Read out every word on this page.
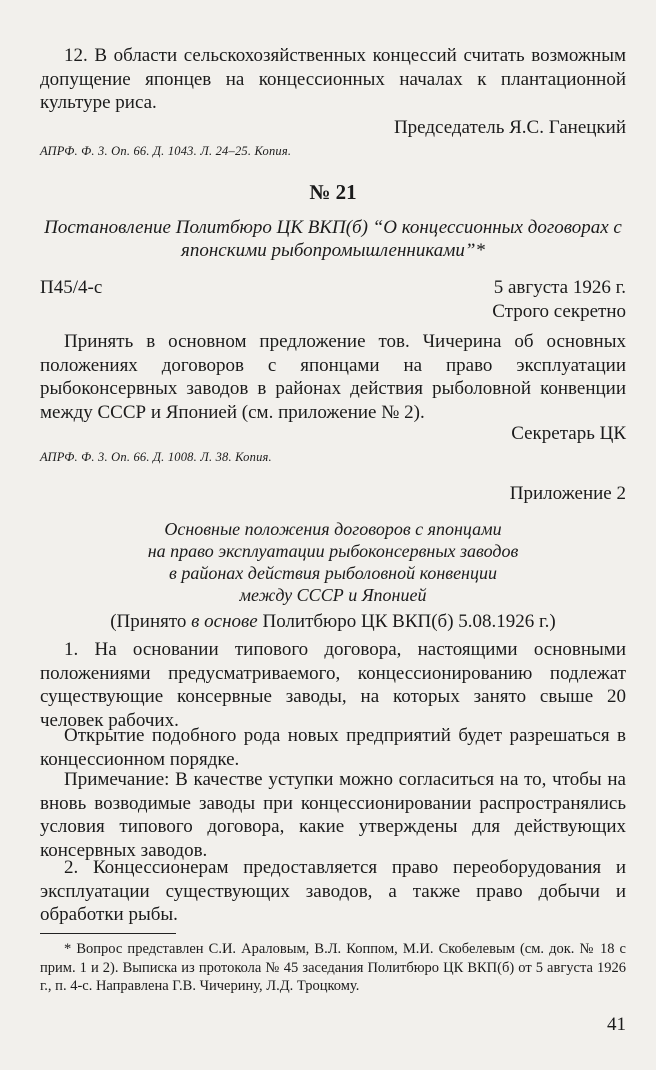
12. В области сельскохозяйственных концессий считать возможным допущение японцев на концессионных началах к плантационной культуре риса.

Председатель Я.С. Ганецкий

АПРФ. Ф. 3. Оп. 66. Д. 1043. Л. 24–25. Копия.

№ 21

Постановление Политбюро ЦК ВКП(б) “О концессионных договорах с японскими рыбопромышленниками”*

П45/4-с	5 августа 1926 г.

Строго секретно

Принять в основном предложение тов. Чичерина об основных положениях договоров с японцами на право эксплуатации рыбоконсервных заводов в районах действия рыболовной конвенции между СССР и Японией (см. приложение № 2).

Секретарь ЦК

АПРФ. Ф. 3. Оп. 66. Д. 1008. Л. 38. Копия.

Приложение 2

Основные положения договоров с японцами

на право эксплуатации рыбоконсервных заводов

в районах действия рыболовной конвенции

между СССР и Японией

(Принято в основе Политбюро ЦК ВКП(б) 5.08.1926 г.)

1. На основании типового договора, настоящими основными положениями предусматриваемого, концессионированию подлежат существующие консервные заводы, на которых занято свыше 20 человек рабочих.

Открытие подобного рода новых предприятий будет разрешаться в концессионном порядке.

Примечание: В качестве уступки можно согласиться на то, чтобы на вновь возводимые заводы при концессионировании распространялись условия типового договора, какие утверждены для действующих консервных заводов.

2. Концессионерам предоставляется право переоборудования и эксплуатации существующих заводов, а также право добычи и обработки рыбы.

* Вопрос представлен С.И. Араловым, В.Л. Коппом, М.И. Скобелевым (см. док. № 18 с прим. 1 и 2). Выписка из протокола № 45 заседания Политбюро ЦК ВКП(б) от 5 августа 1926 г., п. 4-с. Направлена Г.В. Чичерину, Л.Д. Троцкому.

41
